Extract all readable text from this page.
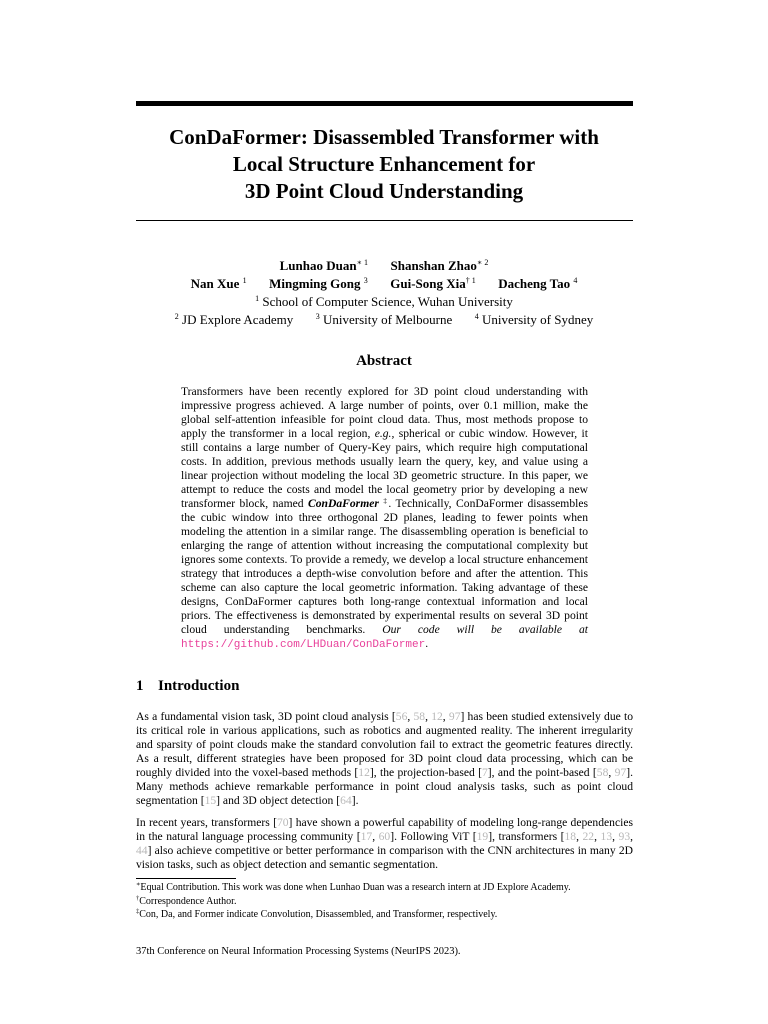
ConDaFormer: Disassembled Transformer with
Local Structure Enhancement for
3D Point Cloud Understanding
Lunhao Duan$^{∗ 1}$ Shanshan Zhao$^{∗ 2}$
Nan Xue $^1$ Mingming Gong $^3$ Gui-Song Xia$^{\dagger 1}$ Dacheng Tao $^4$
$^1$ School of Computer Science, Wuhan University
$^2$ JD Explore Academy	$^3$ University of Melbourne	$^4$ University of Sydney
Abstract
Transformers have been recently explored for 3D point cloud understanding with impressive progress achieved. A large number of points, over 0.1 million, make the global self-attention infeasible for point cloud data. Thus, most methods propose to apply the transformer in a local region, e.g., spherical or cubic window. However, it still contains a large number of Query-Key pairs, which require high computational costs. In addition, previous methods usually learn the query, key, and value using a linear projection without modeling the local 3D geometric structure. In this paper, we attempt to reduce the costs and model the local geometry prior by developing a new transformer block, named ConDaFormer ‡. Technically, ConDaFormer disassembles the cubic window into three orthogonal 2D planes, leading to fewer points when modeling the attention in a similar range. The disassembling operation is beneficial to enlarging the range of attention without increasing the computational complexity but ignores some contexts. To provide a remedy, we develop a local structure enhancement strategy that introduces a depth-wise convolution before and after the attention. This scheme can also capture the local geometric information. Taking advantage of these designs, ConDaFormer captures both long-range contextual information and local priors. The effectiveness is demonstrated by experimental results on several 3D point cloud understanding benchmarks. Our code will be available at https://github.com/LHDuan/ConDaFormer.
1 Introduction
As a fundamental vision task, 3D point cloud analysis [56, 58, 12, 97] has been studied extensively due to its critical role in various applications, such as robotics and augmented reality. The inherent irregularity and sparsity of point clouds make the standard convolution fail to extract the geometric features directly. As a result, different strategies have been proposed for 3D point cloud data processing, which can be roughly divided into the voxel-based methods [12], the projection-based [7], and the point-based [58, 97]. Many methods achieve remarkable performance in point cloud analysis tasks, such as point cloud segmentation [15] and 3D object detection [64].
In recent years, transformers [70] have shown a powerful capability of modeling long-range dependencies in the natural language processing community [17, 60]. Following ViT [19], transformers [18, 22, 13, 93, 44] also achieve competitive or better performance in comparison with the CNN architectures in many 2D vision tasks, such as object detection and semantic segmentation.
∗Equal Contribution. This work was done when Lunhao Duan was a research intern at JD Explore Academy.
†Correspondence Author.
‡Con, Da, and Former indicate Convolution, Disassembled, and Transformer, respectively.
37th Conference on Neural Information Processing Systems (NeurIPS 2023).
